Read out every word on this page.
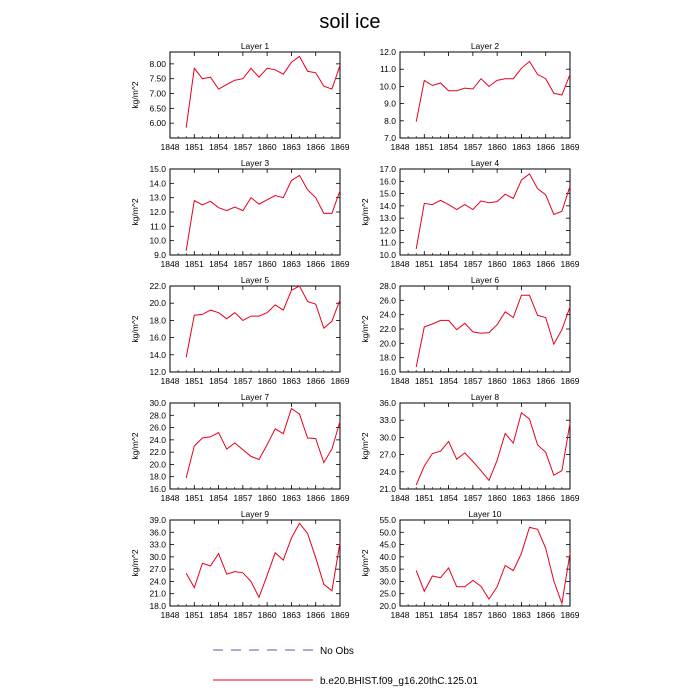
soil ice
Layer 1
1848 1851 1854 1857 1860 1863 1866 1869
6.00
6.50
7.00
7.50
8.00
kg/m^2
Layer 2
1848 1851 1854 1857 1860 1863 1866 1869
7.0
8.0
9.0
10.0
11.0
12.0
Layer 3
1848 1851 1854 1857 1860 1863 1866 1869
9.0
10.0
11.0
12.0
13.0
14.0
15.0
kg/m^2
Layer 4
1848 1851 1854 1857 1860 1863 1866 1869
10.0
11.0
12.0
13.0
14.0
15.0
16.0
17.0
kg/m^2
Layer 5
1848 1851 1854 1857 1860 1863 1866 1869
12.0
14.0
16.0
18.0
20.0
22.0
kg/m^2
Layer 6
1848 1851 1854 1857 1860 1863 1866 1869
16.0
18.0
20.0
22.0
24.0
26.0
28.0
kg/m^2
Layer 7
1848 1851 1854 1857 1860 1863 1866 1869
16.0
18.0
20.0
22.0
24.0
26.0
28.0
30.0
kg/m^2
Layer 8
1848 1851 1854 1857 1860 1863 1866 1869
21.0
24.0
27.0
30.0
33.0
36.0
kg/m^2
Layer 9
1848 1851 1854 1857 1860 1863 1866 1869
18.0
21.0
24.0
27.0
30.0
33.0
36.0
39.0
kg/m^2
Layer 10
1848 1851 1854 1857 1860 1863 1866 1869
20.0
25.0
30.0
35.0
40.0
45.0
50.0
55.0
kg/m^2
No Obs
b.e20.BHIST.f09_g16.20thC.125.01
